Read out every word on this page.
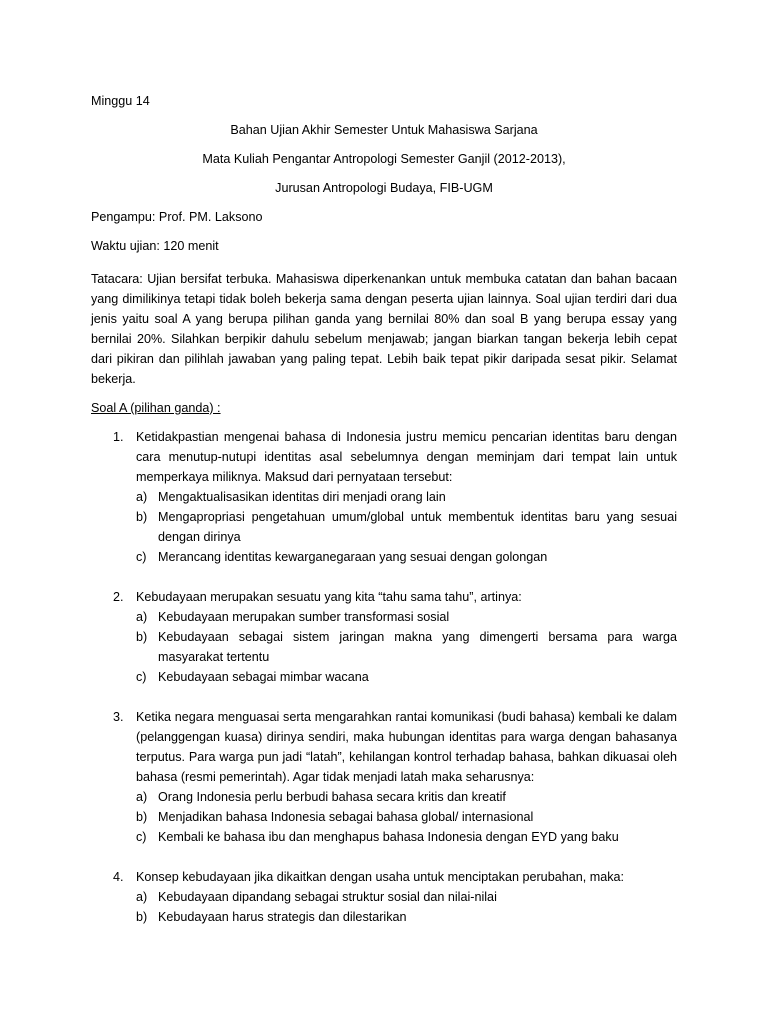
Minggu 14

Bahan Ujian Akhir Semester Untuk Mahasiswa Sarjana

Mata Kuliah Pengantar Antropologi Semester Ganjil (2012-2013),

Jurusan Antropologi Budaya, FIB-UGM

Pengampu: Prof. PM. Laksono

Waktu ujian: 120 menit

Tatacara: Ujian bersifat terbuka. Mahasiswa diperkenankan untuk membuka catatan dan bahan bacaan yang dimilikinya tetapi tidak boleh bekerja sama dengan peserta ujian lainnya. Soal ujian terdiri dari dua jenis yaitu soal A yang berupa pilihan ganda yang bernilai 80% dan soal B yang berupa essay yang bernilai 20%. Silahkan berpikir dahulu sebelum menjawab; jangan biarkan tangan bekerja lebih cepat dari pikiran dan pilihlah jawaban yang paling tepat. Lebih baik tepat pikir daripada sesat pikir. Selamat bekerja.

Soal A (pilihan ganda) :

1. Ketidakpastian mengenai bahasa di Indonesia justru memicu pencarian identitas baru dengan cara menutup-nutupi identitas asal sebelumnya dengan meminjam dari tempat lain untuk memperkaya miliknya. Maksud dari pernyataan tersebut:
a) Mengaktualisasikan identitas diri menjadi orang lain
b) Mengapropriasi pengetahuan umum/global untuk membentuk identitas baru yang sesuai dengan dirinya
c) Merancang identitas kewarganegaraan yang sesuai dengan golongan
2. Kebudayaan merupakan sesuatu yang kita “tahu sama tahu”, artinya:
a) Kebudayaan merupakan sumber transformasi sosial
b) Kebudayaan sebagai sistem jaringan makna yang dimengerti bersama para warga masyarakat tertentu
c) Kebudayaan sebagai mimbar wacana
3. Ketika negara menguasai serta mengarahkan rantai komunikasi (budi bahasa) kembali ke dalam (pelanggengan kuasa) dirinya sendiri, maka hubungan identitas para warga dengan bahasanya terputus. Para warga pun jadi “latah”, kehilangan kontrol terhadap bahasa, bahkan dikuasai oleh bahasa (resmi pemerintah). Agar tidak menjadi latah maka seharusnya:
a) Orang Indonesia perlu berbudi bahasa secara kritis dan kreatif
b) Menjadikan bahasa Indonesia sebagai bahasa global/ internasional
c) Kembali ke bahasa ibu dan menghapus bahasa Indonesia dengan EYD yang baku
4. Konsep kebudayaan jika dikaitkan dengan usaha untuk menciptakan perubahan, maka:
a) Kebudayaan dipandang sebagai struktur sosial dan nilai-nilai
b) Kebudayaan harus strategis dan dilestarikan
